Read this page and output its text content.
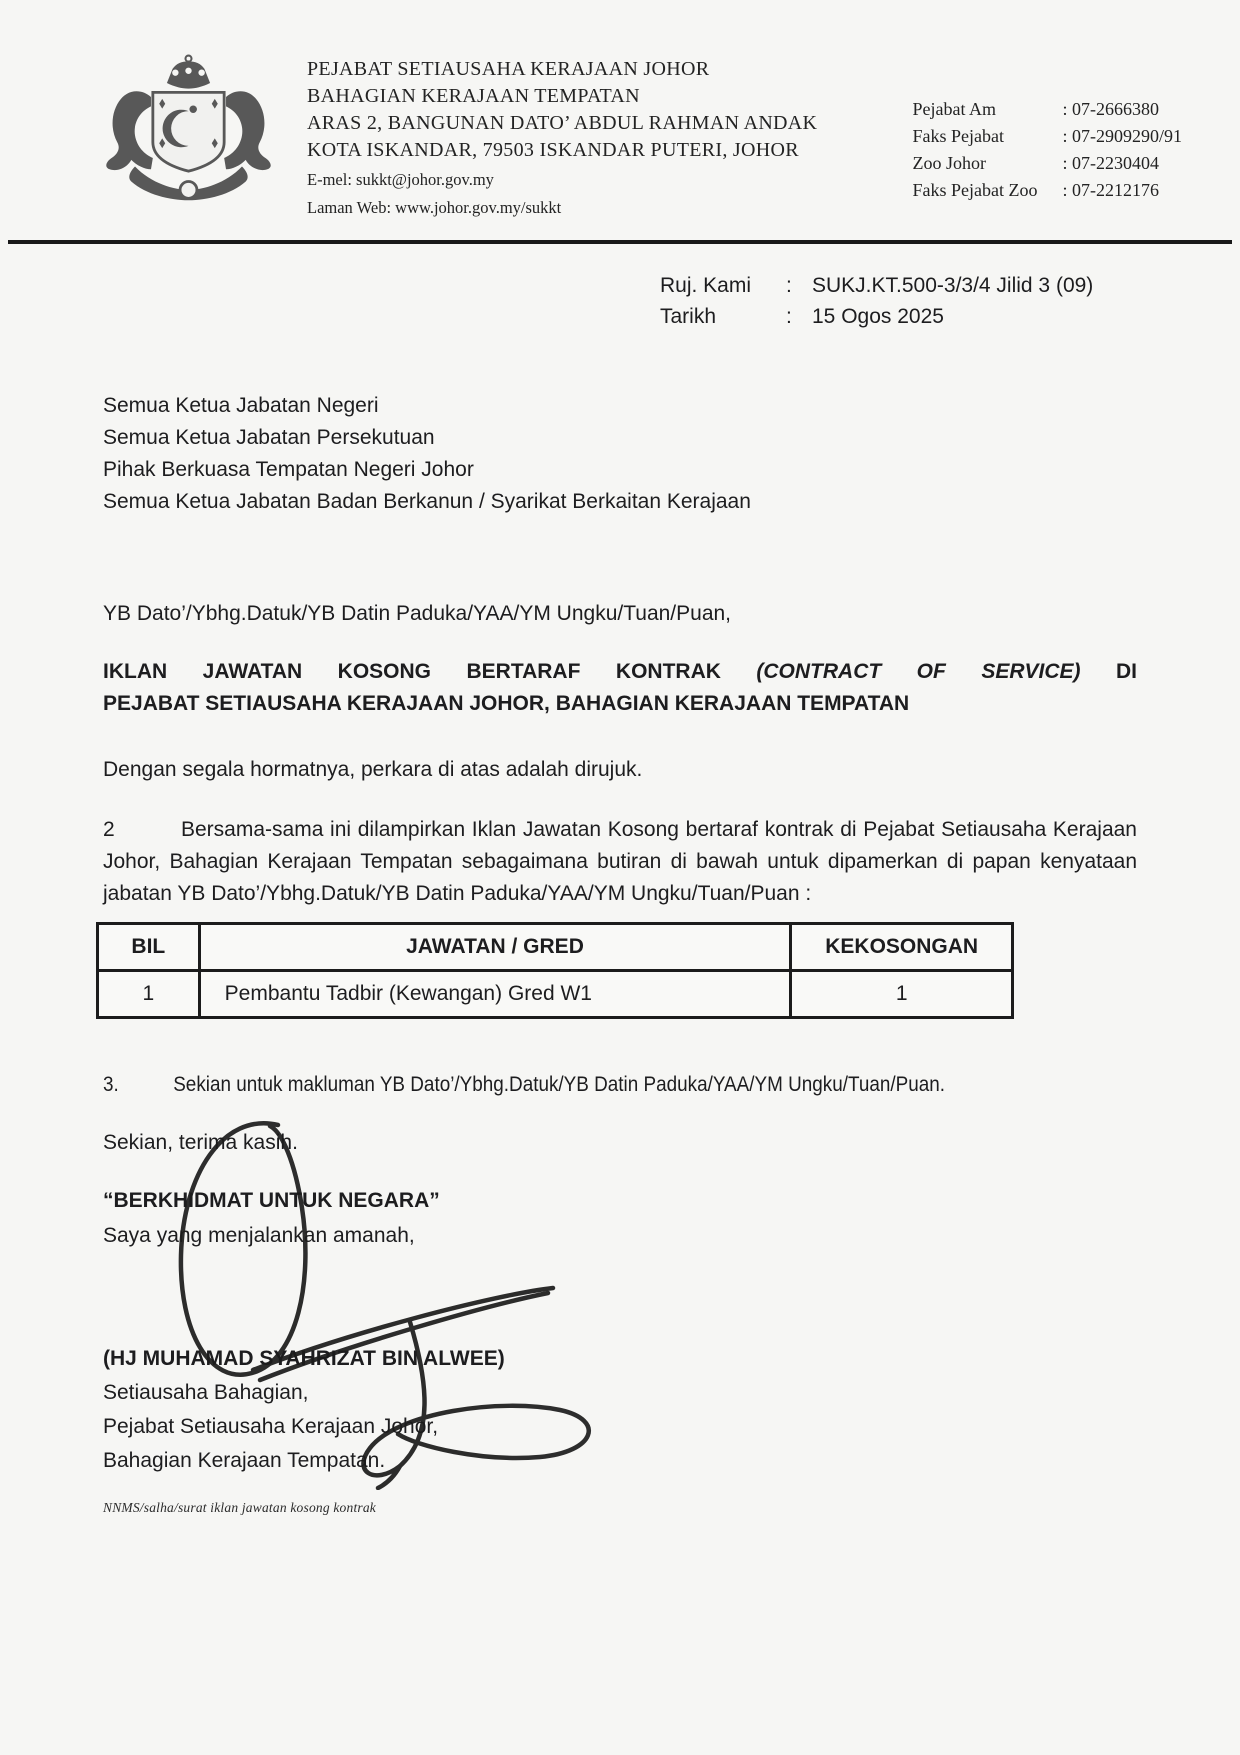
PEJABAT SETIAUSAHA KERAJAAN JOHOR
BAHAGIAN KERAJAAN TEMPATAN
ARAS 2, BANGUNAN DATO’ ABDUL RAHMAN ANDAK
KOTA ISKANDAR, 79503 ISKANDAR PUTERI, JOHOR
E-mel: sukkt@johor.gov.my
Laman Web: www.johor.gov.my/sukkt
Pejabat Am	: 07-2666380
Faks Pejabat	: 07-2909290/91
Zoo Johor	: 07-2230404
Faks Pejabat Zoo	: 07-2212176
Ruj. Kami	: SUKJ.KT.500-3/3/4 Jilid 3 (09)
Tarikh	: 15 Ogos 2025
Semua Ketua Jabatan Negeri
Semua Ketua Jabatan Persekutuan
Pihak Berkuasa Tempatan Negeri Johor
Semua Ketua Jabatan Badan Berkanun / Syarikat Berkaitan Kerajaan

YB Dato’/Ybhg.Datuk/YB Datin Paduka/YAA/YM Ungku/Tuan/Puan,

IKLAN JAWATAN KOSONG BERTARAF KONTRAK (CONTRACT OF SERVICE) DI
PEJABAT SETIAUSAHA KERAJAAN JOHOR, BAHAGIAN KERAJAAN TEMPATAN

Dengan segala hormatnya, perkara di atas adalah dirujuk.

2	Bersama-sama ini dilampirkan Iklan Jawatan Kosong bertaraf kontrak di Pejabat Setiausaha Kerajaan Johor, Bahagian Kerajaan Tempatan sebagaimana butiran di bawah untuk dipamerkan di papan kenyataan jabatan YB Dato’/Ybhg.Datuk/YB Datin Paduka/YAA/YM Ungku/Tuan/Puan :

BIL	JAWATAN / GRED	KEKOSONGAN
1	Pembantu Tadbir (Kewangan) Gred W1	1

3.	Sekian untuk makluman YB Dato’/Ybhg.Datuk/YB Datin Paduka/YAA/YM Ungku/Tuan/Puan.

Sekian, terima kasih.

“BERKHIDMAT UNTUK NEGARA”

Saya yang menjalankan amanah,

(HJ MUHAMAD SYAHRIZAT BIN ALWEE)

Setiausaha Bahagian,

Pejabat Setiausaha Kerajaan Johor,

Bahagian Kerajaan Tempatan.

NNMS/salha/surat iklan jawatan kosong kontrak
